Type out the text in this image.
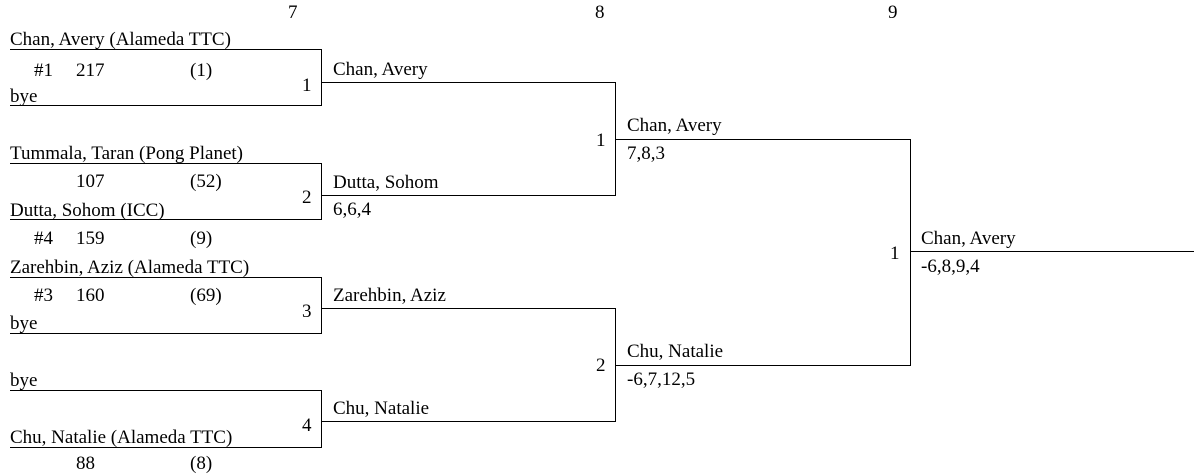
7	8	9
Chan, Avery (Alameda TTC)
#1 217	(1)
bye
1
Tummala, Taran (Pong Planet)
107	(52)
Dutta, Sohom (ICC)
#4 159	(9)
2
Zarehbin, Aziz (Alameda TTC)
#3 160	(69)
bye
3
bye
Chu, Natalie (Alameda TTC)
88	(8)
4
Chan, Avery
Dutta, Sohom
6,6,4
1
Zarehbin, Aziz
Chu, Natalie
2
Chan, Avery
7,8,3
Chu, Natalie
-6,7,12,5
1
Chan, Avery
-6,8,9,4
